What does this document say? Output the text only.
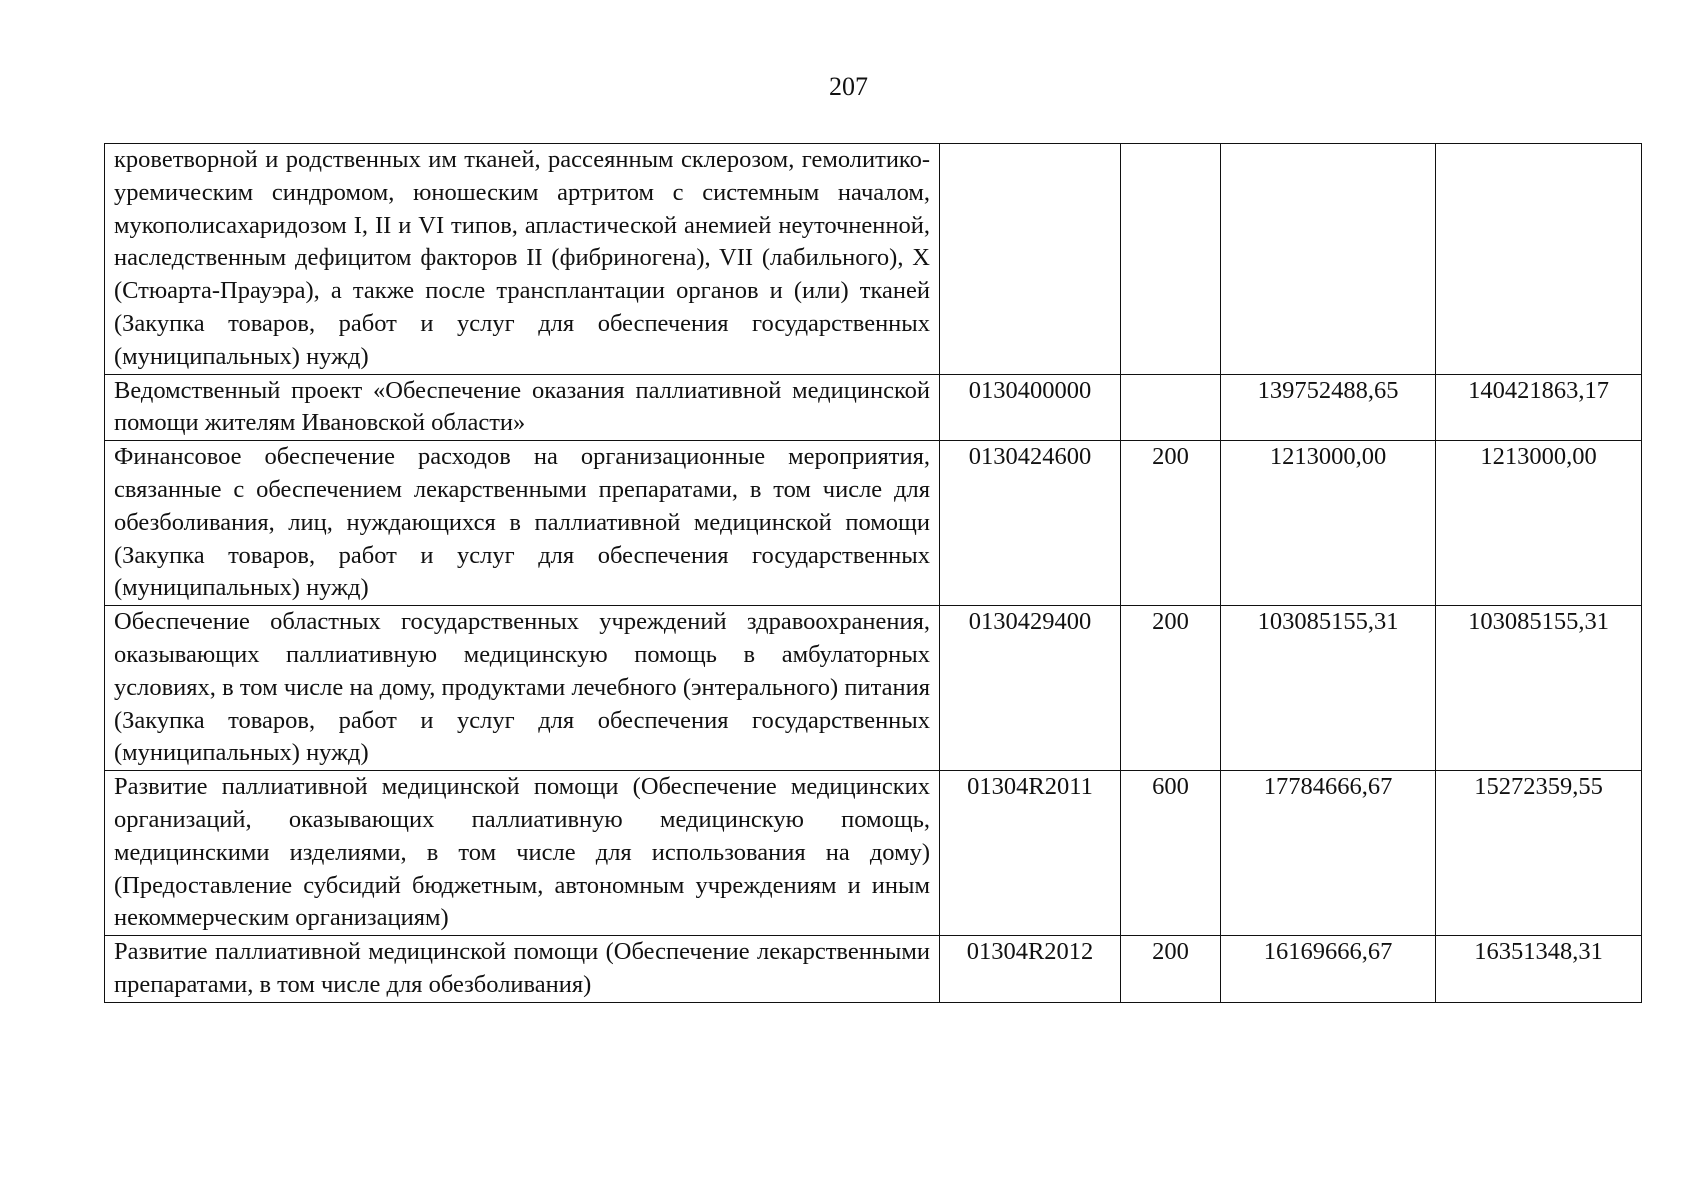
207
кроветворной и родственных им тканей, рассеянным склерозом, гемолитико-уремическим синдромом, юношеским артритом с системным началом, мукополисахаридозом I, II и VI типов, апластической анемией неуточненной, наследственным дефицитом факторов II (фибриногена), VII (лабильного), X (Стюарта-Прауэра), а также после трансплантации органов и (или) тканей (Закупка товаров, работ и услуг для обеспечения государственных (муниципальных) нужд)				
Ведомственный проект «Обеспечение оказания паллиативной медицинской помощи жителям Ивановской области»	0130400000		139752488,65	140421863,17
Финансовое обеспечение расходов на организационные мероприятия, связанные с обеспечением лекарственными препаратами, в том числе для обезболивания, лиц, нуждающихся в паллиативной медицинской помощи (Закупка товаров, работ и услуг для обеспечения государственных (муниципальных) нужд)	0130424600	200	1213000,00	1213000,00
Обеспечение областных государственных учреждений здравоохранения, оказывающих паллиативную медицинскую помощь в амбулаторных условиях, в том числе на дому, продуктами лечебного (энтерального) питания (Закупка товаров, работ и услуг для обеспечения государственных (муниципальных) нужд)	0130429400	200	103085155,31	103085155,31
Развитие паллиативной медицинской помощи (Обеспечение медицинских организаций, оказывающих паллиативную медицинскую помощь, медицинскими изделиями, в том числе для использования на дому) (Предоставление субсидий бюджетным, автономным учреждениям и иным некоммерческим организациям)	01304R2011	600	17784666,67	15272359,55
Развитие паллиативной медицинской помощи (Обеспечение лекарственными препаратами, в том числе для обезболивания)	01304R2012	200	16169666,67	16351348,31
